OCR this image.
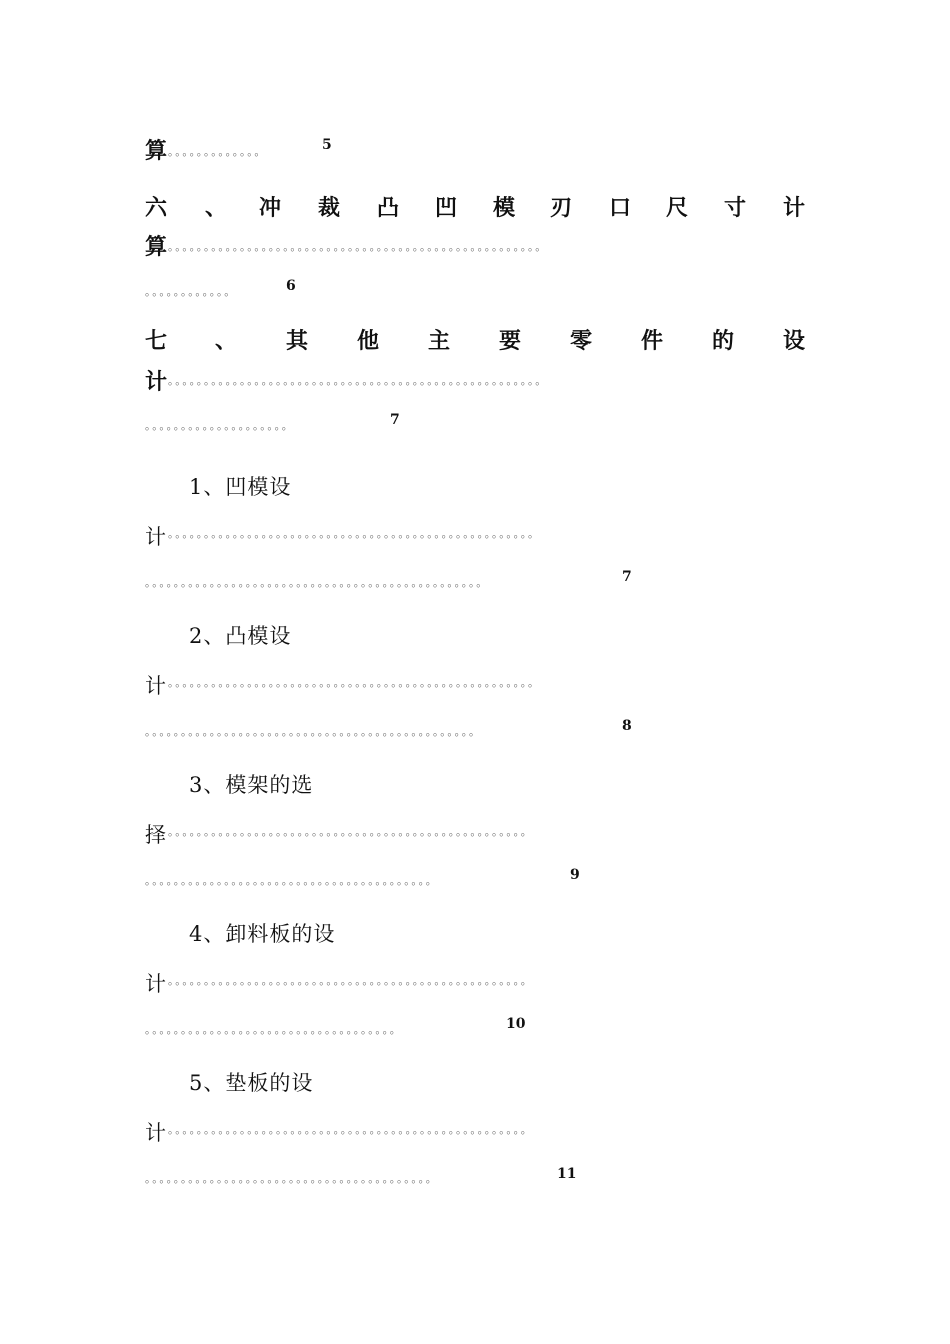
算 。。。。。。。。。。。。。	5
六 、 冲 裁 凸 凹 模 刃 口 尺 寸 计
算 。。。。。。。。。。。。。。。。。。。。。。。。。。。。。。。。。。。。。。。。。。。。。。。。。。。。
。。。。。。。。。。。。	6
七 、 其 他 主 要 零 件 的 设
计 。。。。。。。。。。。。。。。。。。。。。。。。。。。。。。。。。。。。。。。。。。。。。。。。。。。。
。。。。。。。。。。。。。。。。。。。。	7
1、凹模设
计 。。。。。。。。。。。。。。。。。。。。。。。。。。。。。。。。。。。。。。。。。。。。。。。。。。。
。。。。。。。。。。。。。。。。。。。。。。。。。。。。。。。。。。。。。。。。。。。。。。。	7
2、凸模设
计 。。。。。。。。。。。。。。。。。。。。。。。。。。。。。。。。。。。。。。。。。。。。。。。。。。。
。。。。。。。。。。。。。。。。。。。。。。。。。。。。。。。。。。。。。。。。。。。。。。	8
3、模架的选
择 。。。。。。。。。。。。。。。。。。。。。。。。。。。。。。。。。。。。。。。。。。。。。。。。。。
。。。。。。。。。。。。。。。。。。。。。。。。。。。。。。。。。。。。。。。。	9
4、卸料板的设
计 。。。。。。。。。。。。。。。。。。。。。。。。。。。。。。。。。。。。。。。。。。。。。。。。。。
。。。。。。。。。。。。。。。。。。。。。。。。。。。。。。。。。。。	10
5、垫板的设
计 。。。。。。。。。。。。。。。。。。。。。。。。。。。。。。。。。。。。。。。。。。。。。。。。。。
。。。。。。。。。。。。。。。。。。。。。。。。。。。。。。。。。。。。。。。。	11
